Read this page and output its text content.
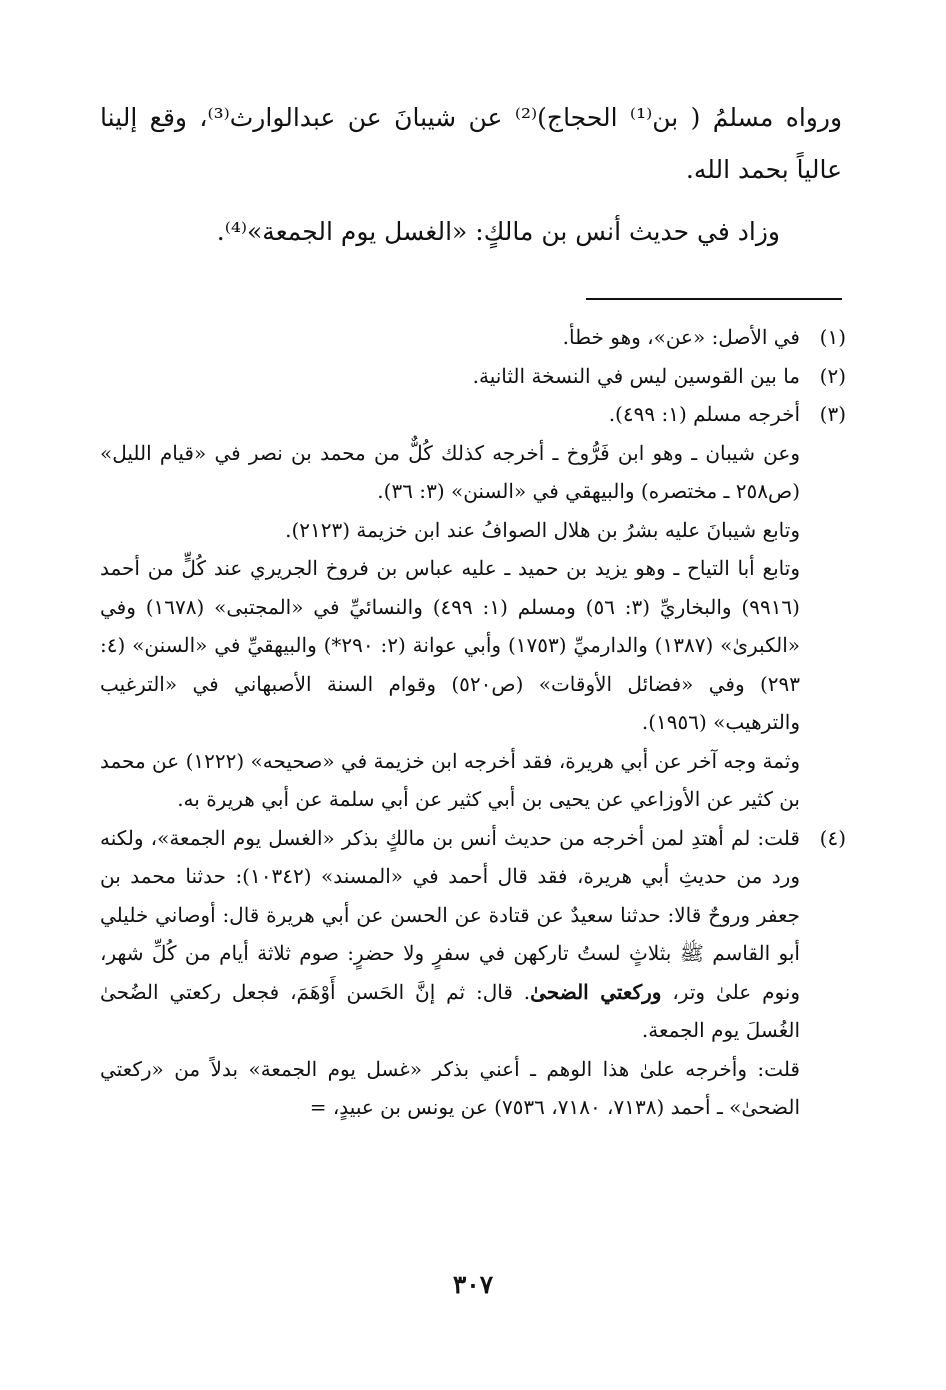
ورواه مسلمُ ( بن⁽¹⁾ الحجاج)⁽²⁾ عن شيبانَ عن عبدالوارث⁽³⁾، وقع إلينا عالياً بحمد الله.

وزاد في حديث أنس بن مالكٍ: «الغسل يوم الجمعة»⁽⁴⁾.

(١)

في الأصل: «عن»، وهو خطأ.

(٢)

ما بين القوسين ليس في النسخة الثانية.

(٣)

أخرجه مسلم (١: ٤٩٩).

وعن شيبان ـ وهو ابن فَرُّوخ ـ أخرجه كذلك كُلٌّ من محمد بن نصر في «قيام الليل» (ص٢٥٨ ـ مختصره) والبيهقي في «السنن» (٣: ٣٦).

وتابع شيبانَ عليه بشرُ بن هلال الصوافُ عند ابن خزيمة (٢١٢٣).

وتابع أبا التياح ـ وهو يزيد بن حميد ـ عليه عباس بن فروخ الجريري عند كُلٍّ من أحمد (٩٩١٦) والبخاريِّ (٣: ٥٦) ومسلم (١: ٤٩٩) والنسائيِّ في «المجتبى» (١٦٧٨) وفي «الكبرىٰ» (١٣٨٧) والدارميِّ (١٧٥٣) وأبي عوانة (٢: ٢٩٠*) والبيهقيِّ في «السنن» (٤: ٢٩٣) وفي «فضائل الأوقات» (ص٥٢٠) وقوام السنة الأصبهاني في «الترغيب والترهيب» (١٩٥٦).

وثمة وجه آخر عن أبي هريرة، فقد أخرجه ابن خزيمة في «صحيحه» (١٢٢٢) عن محمد بن كثير عن الأوزاعي عن يحيى بن أبي كثير عن أبي سلمة عن أبي هريرة به.

(٤)

قلت: لم أهتدِ لمن أخرجه من حديث أنس بن مالكٍ بذكر «الغسل يوم الجمعة»، ولكنه ورد من حديثِ أبي هريرة، فقد قال أحمد في «المسند» (١٠٣٤٢): حدثنا محمد بن جعفر وروحٌ قالا: حدثنا سعيدٌ عن قتادة عن الحسن عن أبي هريرة قال: أوصاني خليلي أبو القاسم ﷺ بثلاثٍ لستُ تاركهن في سفرٍ ولا حضرٍ: صوم ثلاثة أيام من كُلِّ شهر، ونوم علىٰ وتر، وركعتي الضحىٰ. قال: ثم إنَّ الحَسن أَوْهَمَ، فجعل ركعتي الضُحىٰ الغُسلَ يوم الجمعة.

قلت: وأخرجه علىٰ هذا الوهم ـ أعني بذكر «غسل يوم الجمعة» بدلاً من «ركعتي الضحىٰ» ـ أحمد (٧١٣٨، ٧١٨٠، ٧٥٣٦) عن يونس بن عبيدٍ، =

٣٠٧
